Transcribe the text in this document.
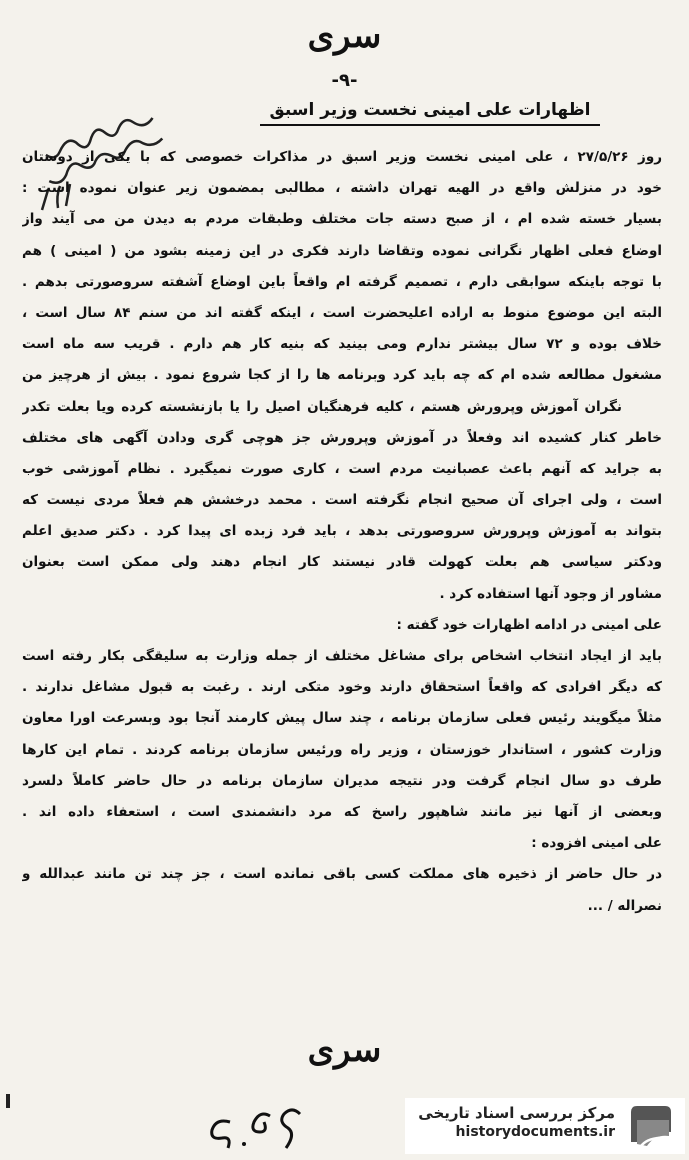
سری
-۹-
اظهارات علی امینی نخست وزیر اسبق
روز ۲۷/۵/۲۶ ، علی امینی نخست وزیر اسبق در مذاکرات خصوصی که با یکی از دوستان
خود در منزلش واقع در الهیه تهران داشته ، مطالبی بمضمون زیر عنوان نموده است :
بسیار خسته شده ام ، از صبح دسته جات مختلف وطبقات مردم به دیدن من می آیند واز
اوضاع فعلی اظهار نگرانی نموده وتقاضا دارند فکری در این زمینه بشود من ( امینی ) هم
با توجه باینکه سوابقی دارم ، تصمیم گرفته ام واقعاً باین اوضاع آشفته سروصورتی بدهم .
البته این موضوع منوط به اراده اعلیحضرت است ، اینکه گفته اند من سنم ۸۴ سال است ،
خلاف بوده و ۷۲ سال بیشتر ندارم ومی بینید که بنیه کار هم دارم . قریب سه ماه است
مشغول مطالعه شده ام که چه باید کرد وبرنامه ها را از کجا شروع نمود . بیش از هرچیز من
نگران آموزش وپرورش هستم ، کلیه فرهنگیان اصیل را یا بازنشسته کرده ویا بعلت تکدر
خاطر کنار کشیده اند وفعلاً در آموزش وپرورش جز هوچی گری ودادن آگهی های مختلف
به جراید که آنهم باعث عصبانیت مردم است ، کاری صورت نمیگیرد . نظام آموزشی خوب
است ، ولی اجرای آن صحیح انجام نگرفته است . محمد درخشش هم فعلاً مردی نیست که
بتواند به آموزش وپرورش سروصورتی بدهد ، باید فرد زبده ای پیدا کرد . دکتر صدیق اعلم
ودکتر سیاسی هم بعلت کهولت قادر نیستند کار انجام دهند ولی ممکن است بعنوان
مشاور از وجود آنها استفاده کرد .
علی امینی در ادامه اظهارات خود گفته :
باید از ایجاد انتخاب اشخاص برای مشاغل مختلف از جمله وزارت به سلیقگی بکار رفته است
که دیگر افرادی که واقعاً استحقاق دارند وخود متکی ارند . رغبت به قبول مشاغل ندارند .
مثلاً میگویند رئیس فعلی سازمان برنامه ، چند سال پیش کارمند آنجا بود وبسرعت اورا معاون
وزارت کشور ، استاندار خوزستان ، وزیر راه ورئیس سازمان برنامه کردند . تمام این کارها
طرف دو سال انجام گرفت ودر نتیجه مدیران سازمان برنامه در حال حاضر کاملاً دلسرد
وبعضی از آنها نیز مانند شاهپور راسخ که مرد دانشمندی است ، استعفاء داده اند .
علی امینی افزوده :
در حال حاضر از ذخیره های مملکت کسی باقی نمانده است ، جز چند تن مانند عبدالله و
نصراله / ...
سری
مرکز بررسی اسناد تاریخی
historydocuments.ir
